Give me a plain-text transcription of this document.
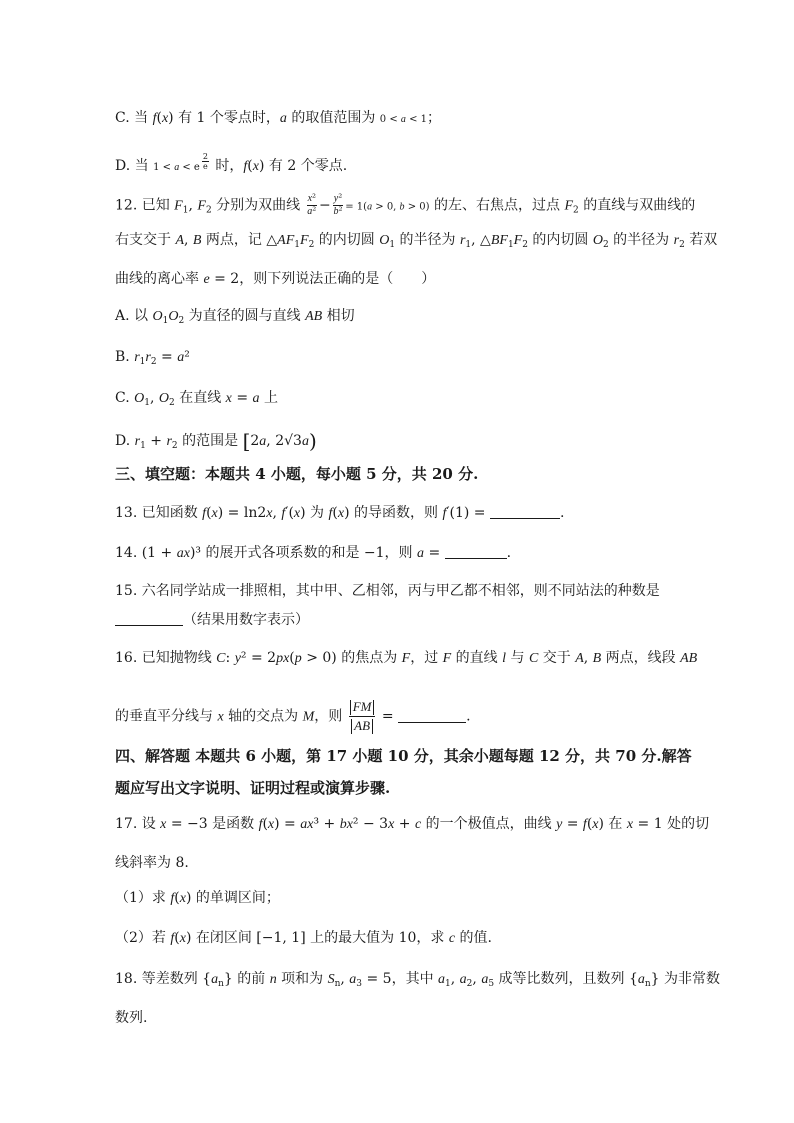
C. 当 f(x) 有 1 个零点时，a 的取值范围为 0 < a < 1；
D. 当 1 < a < e $\frac{2}{e}$ 时，f(x) 有 2 个零点.
12. 已知 $F_1$, $F_2$ 分别为双曲线 $\frac{\text{x²}}{\text{a²}} - \frac{\text{y²}}{\text{b²}} = 1(a > 0$, b > 0) 的左、右焦点，过点 $F_2$ 的直线与双曲线的
右支交于 A, B 两点，记 $\triangle AF_1F_2$ 的内切圆 $O_1$ 的半径为 $r_1$, $\triangle BF_1F_2$ 的内切圆 $O_2$ 的半径为 $r_2$ 若双
曲线的离心率 e = 2，则下列说法正确的是（　　）
A. 以 $O_1O_2$ 为直径的圆与直线 AB 相切
B. $r_1r_2 = a^2$
C. $O_1$, $O_2$ 在直线 x = a 上
D. $r_1 + r_2$ 的范围是 [2a, 2√3a)
三、填空题：本题共 4 小题，每小题 5 分，共 20 分.
13. 已知函数 f(x) = ln2x, f′(x) 为 f(x) 的导函数，则 f′(1) =	.
14. (1 + ax)³ 的展开式各项系数的和是 −1，则 a =	.
15. 六名同学站成一排照相，其中甲、乙相邻，丙与甲乙都不相邻，则不同站法的种数是
（结果用数字表示）
16. 已知抛物线 C: y² = 2px(p > 0) 的焦点为 F，过 F 的直线 l 与 C 交于 A, B 两点，线段 AB
的垂直平分线与 x 轴的交点为 M，则 $\frac{FM}{AB}$ =	.
四、解答题 本题共 6 小题，第 17 小题 10 分，其余小题每题 12 分，共 70 分.解答
题应写出文字说明、证明过程或演算步骤.
17. 设 x = −3 是函数 f(x) = ax³ + bx² − 3x + c 的一个极值点，曲线 y = f(x) 在 x = 1 处的切
线斜率为 8.
（1）求 f(x) 的单调区间；
（2）若 f(x) 在闭区间 [−1, 1] 上的最大值为 10，求 c 的值.
18. 等差数列 $\{a_n\}$ 的前 n 项和为 $S_n$, $a_3 = 5$，其中 $a_1$, $a_2$, $a_5$ 成等比数列，且数列 $\{a_n\}$ 为非常数
数列.
